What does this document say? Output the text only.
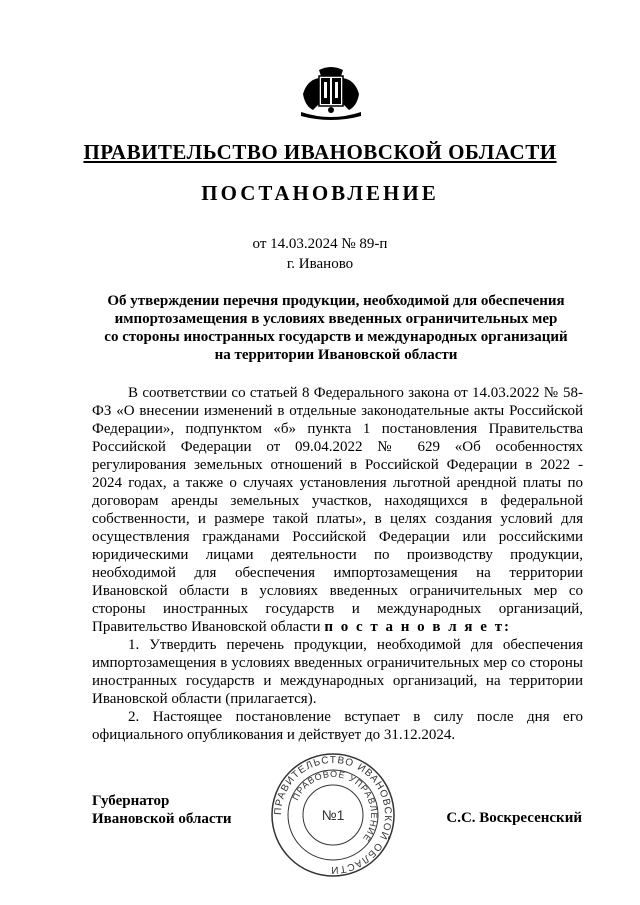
ПРАВИТЕЛЬСТВО ИВАНОВСКОЙ ОБЛАСТИ
ПОСТАНОВЛЕНИЕ

от 14.03.2024 № 89-п

г. Иваново

Об утверждении перечня продукции, необходимой для обеспечения
импортозамещения в условиях введенных ограничительных мер
со стороны иностранных государств и международных организаций
на территории Ивановской области

В соответствии со статьей 8 Федерального закона от 14.03.2022 № 58-ФЗ «О внесении изменений в отдельные законодательные акты Российской Федерации», подпунктом «б» пункта 1 постановления Правительства Российской Федерации от 09.04.2022 № 629 «Об особенностях регулирования земельных отношений в Российской Федерации в 2022 - 2024 годах, а также о случаях установления льготной арендной платы по договорам аренды земельных участков, находящихся в федеральной собственности, и размере такой платы», в целях создания условий для осуществления гражданами Российской Федерации или российскими юридическими лицами деятельности по производству продукции, необходимой для обеспечения импортозамещения на территории Ивановской области в условиях введенных ограничительных мер со стороны иностранных государств и международных организаций, Правительство Ивановской области п о с т а н о в л я е т:

1. Утвердить перечень продукции, необходимой для обеспечения импортозамещения в условиях введенных ограничительных мер со стороны иностранных государств и международных организаций, на территории Ивановской области (прилагается).

2. Настоящее постановление вступает в силу после дня его официального опубликования и действует до 31.12.2024.

Губернатор
Ивановской области	С.С. Воскресенский
ПРАВИТЕЛЬСТВО ИВАНОВСКОЙ ОБЛАСТИ
ПРАВОВОЕ УПРАВЛЕНИЕ
№1
